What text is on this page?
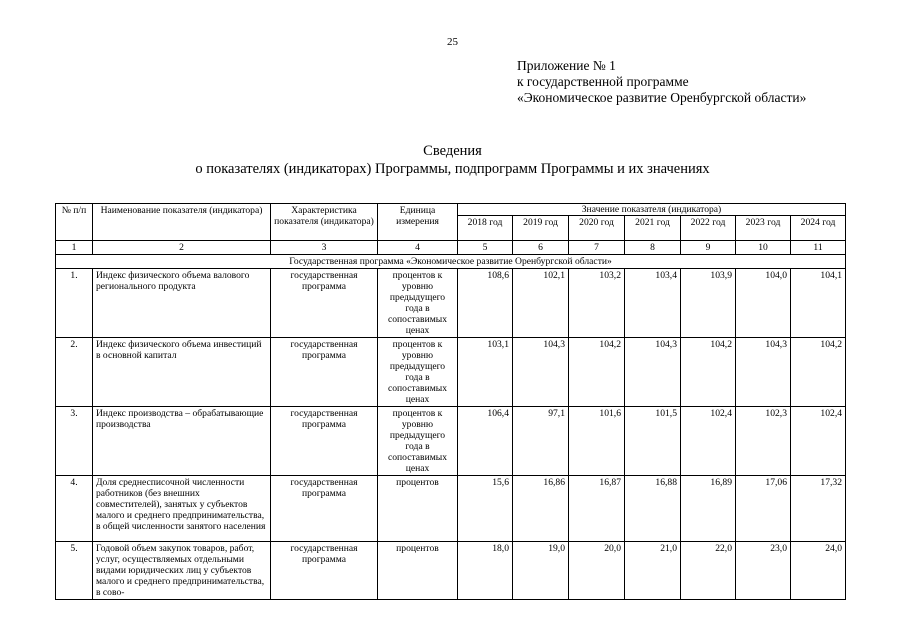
25
Приложение № 1
к государственной программе
«Экономическое развитие Оренбургской области»
Сведения
о показателях (индикаторах) Программы, подпрограмм Программы и их значениях
№ п/п	Наименование показателя (индикатора)	Характеристика показателя (индикатора)	Единица измерения	Значение показателя (индикатора)						
				2018 год	2019 год	2020 год	2021 год	2022 год	2023 год	2024 год
1	2	3	4	5	6	7	8	9	10	11
Государственная программа «Экономическое развитие Оренбургской области»										
1.	Индекс физического объема валового регионального продукта	государственная программа	процентов к уровню предыдущего года в сопоставимых ценах	108,6	102,1	103,2	103,4	103,9	104,0	104,1
2.	Индекс физического объема инвестиций в основной капитал	государственная программа	процентов к уровню предыдущего года в сопоставимых ценах	103,1	104,3	104,2	104,3	104,2	104,3	104,2
3.	Индекс производства – обрабатывающие производства	государственная программа	процентов к уровню предыдущего года в сопоставимых ценах	106,4	97,1	101,6	101,5	102,4	102,3	102,4
4.	Доля среднесписочной численности работников (без внешних совместителей), занятых у субъектов малого и среднего предпринимательства, в общей численности занятого населения	государственная программа	процентов	15,6	16,86	16,87	16,88	16,89	17,06	17,32
5.	Годовой объем закупок товаров, работ, услуг, осуществляемых отдельными видами юридических лиц у субъектов малого и среднего предпринимательства, в сово-	государственная программа	процентов	18,0	19,0	20,0	21,0	22,0	23,0	24,0
